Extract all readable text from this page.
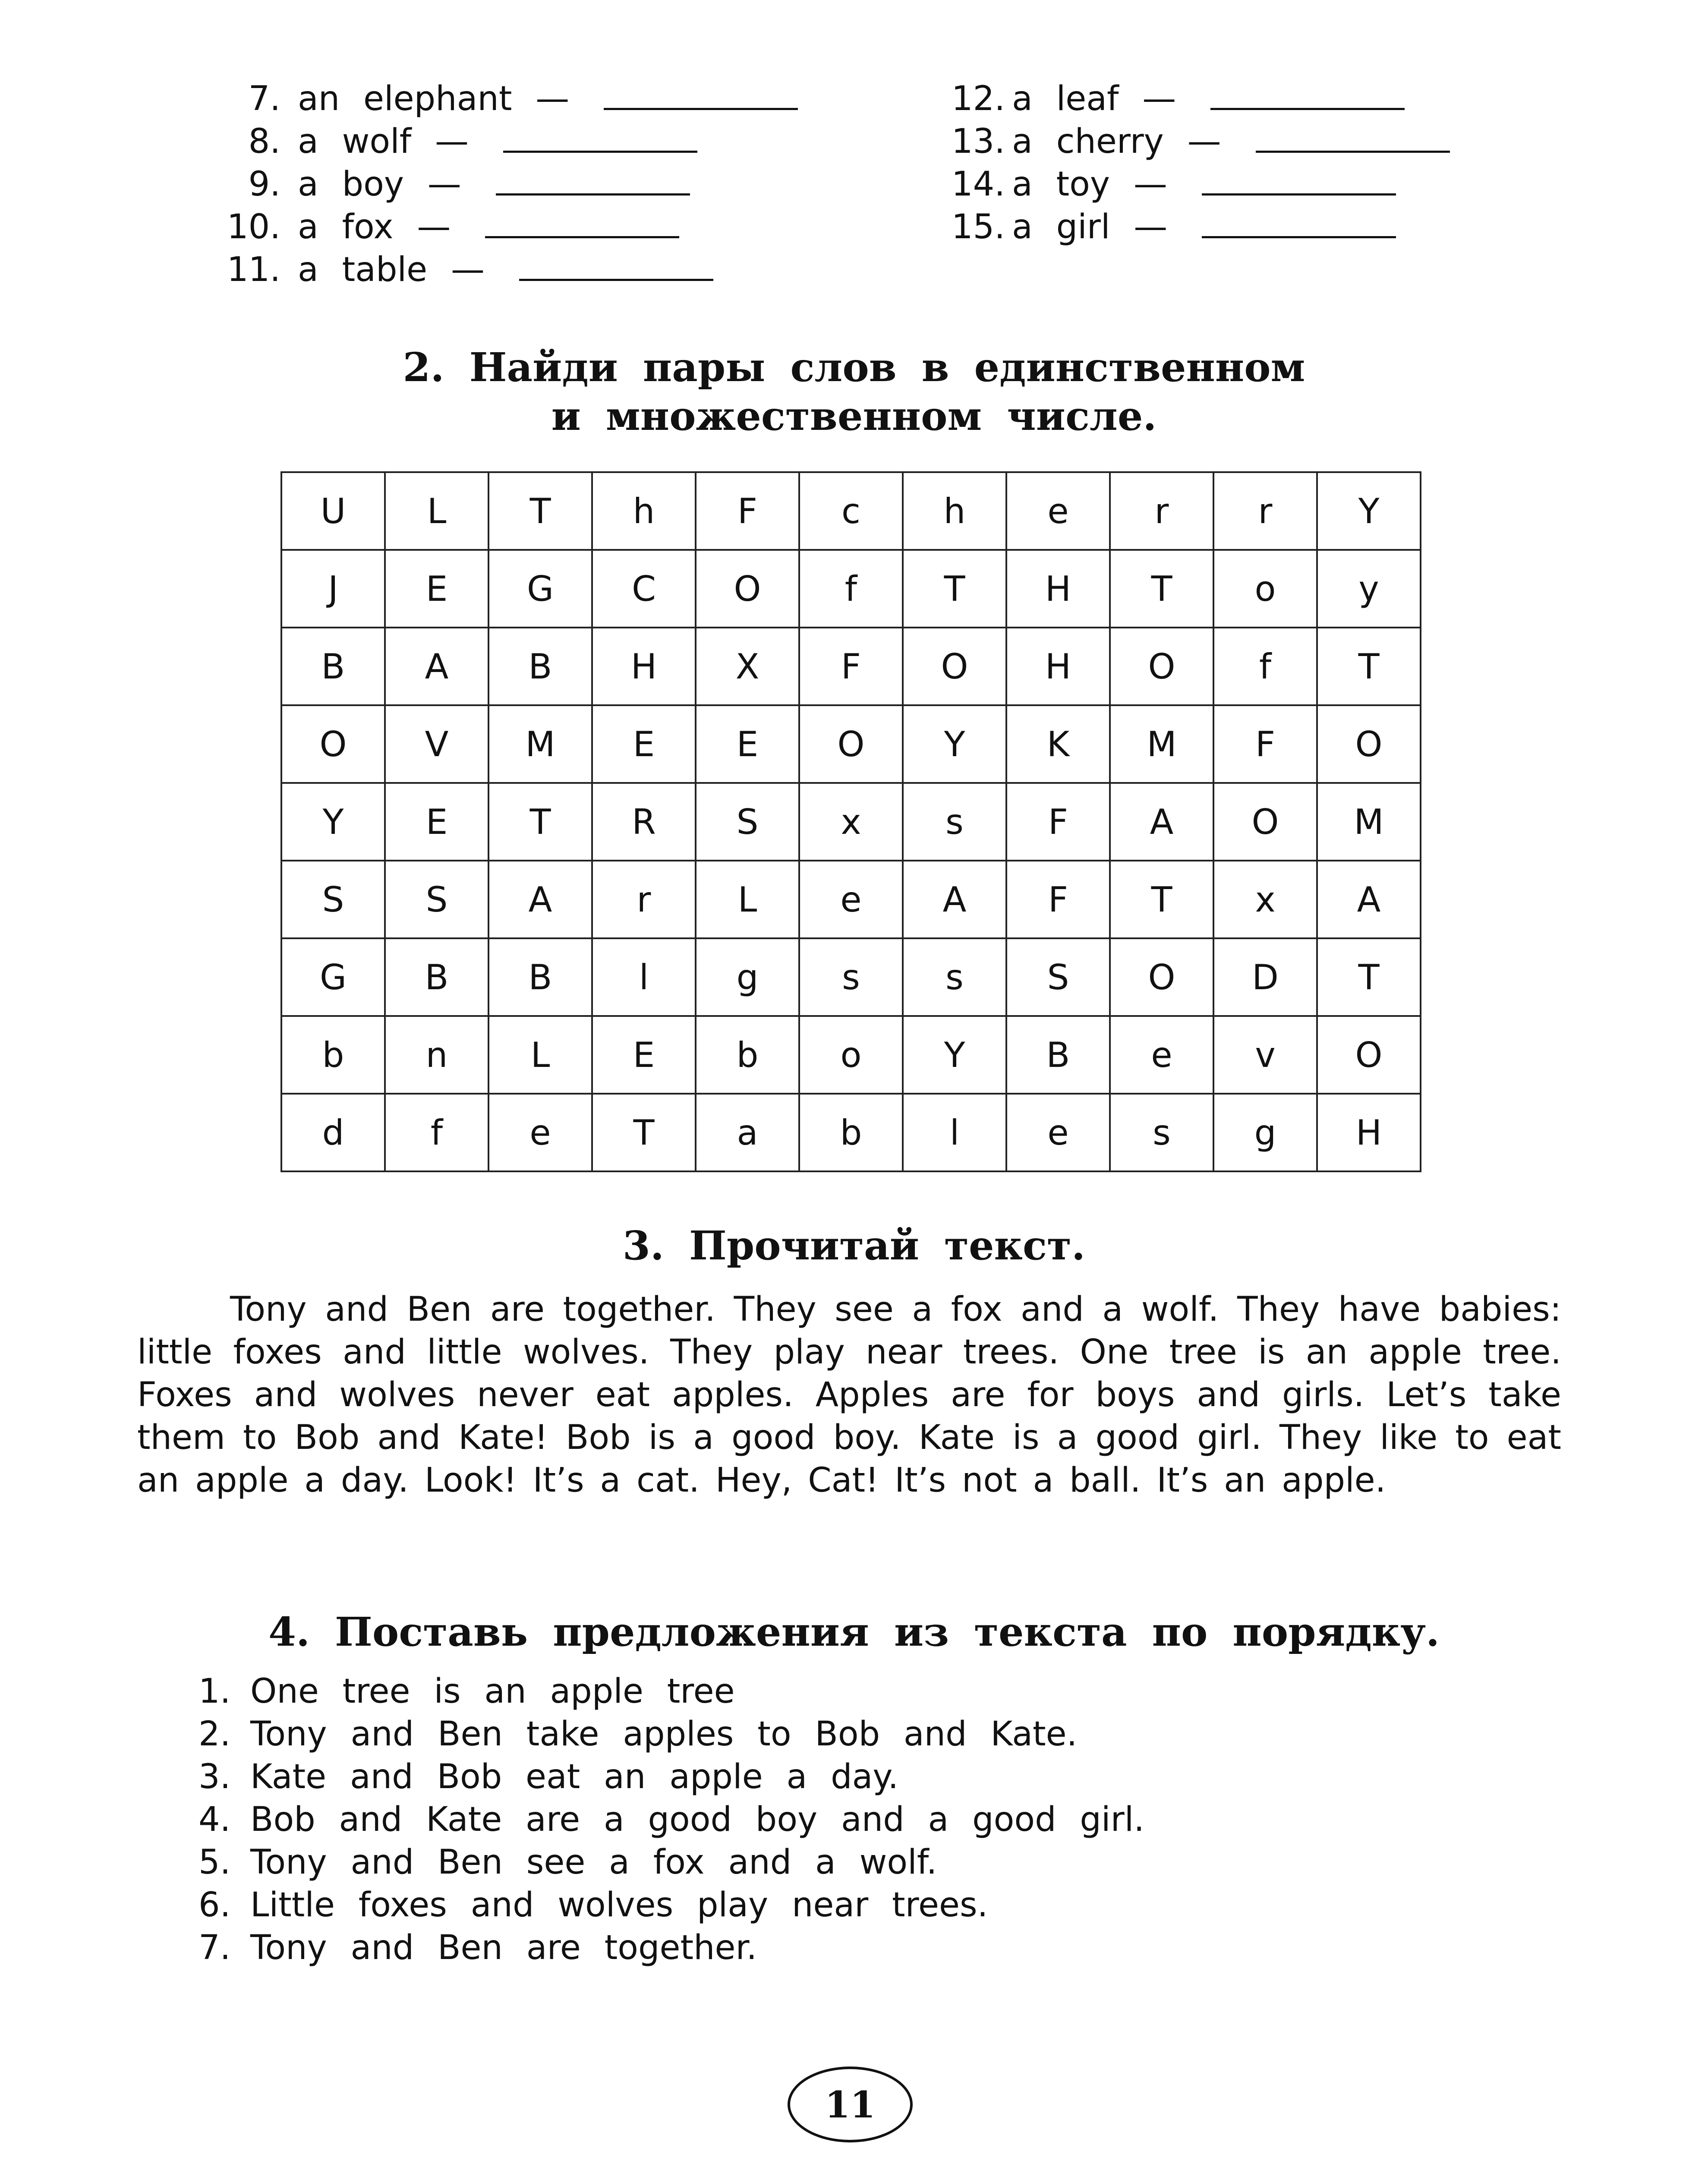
7. an elephant —
8. a wolf —
9. a boy —
10. a fox —
11. a table —
12. a leaf —
13. a cherry —
14. a toy —
15. a girl —
2. Найди пары слов в единственном
и множественном числе.
U	L	T	h	F	c	h	e	r	r	Y
J	E	G	C	O	f	T	H	T	o	y
B	A	B	H	X	F	O	H	O	f	T
O	V	M	E	E	O	Y	K	M	F	O
Y	E	T	R	S	x	s	F	A	O	M
S	S	A	r	L	e	A	F	T	x	A
G	B	B	l	g	s	s	S	O	D	T
b	n	L	E	b	o	Y	B	e	v	O
d	f	e	T	a	b	l	e	s	g	H
3. Прочитай текст.

Tony and Ben are together. They see a fox and a wolf. They have babies: little foxes and little wolves. They play near trees. One tree is an apple tree. Foxes and wolves never eat apples. Apples are for boys and girls. Let’s take them to Bob and Kate! Bob is a good boy. Kate is a good girl. They like to eat an apple a day. Look! It’s a cat. Hey, Cat! It’s not a ball. It’s an apple.

4. Поставь предложения из текста по порядку.
1. One tree is an apple tree
2. Tony and Ben take apples to Bob and Kate.
3. Kate and Bob eat an apple a day.
4. Bob and Kate are a good boy and a good girl.
5. Tony and Ben see a fox and a wolf.
6. Little foxes and wolves play near trees.
7. Tony and Ben are together.
11
